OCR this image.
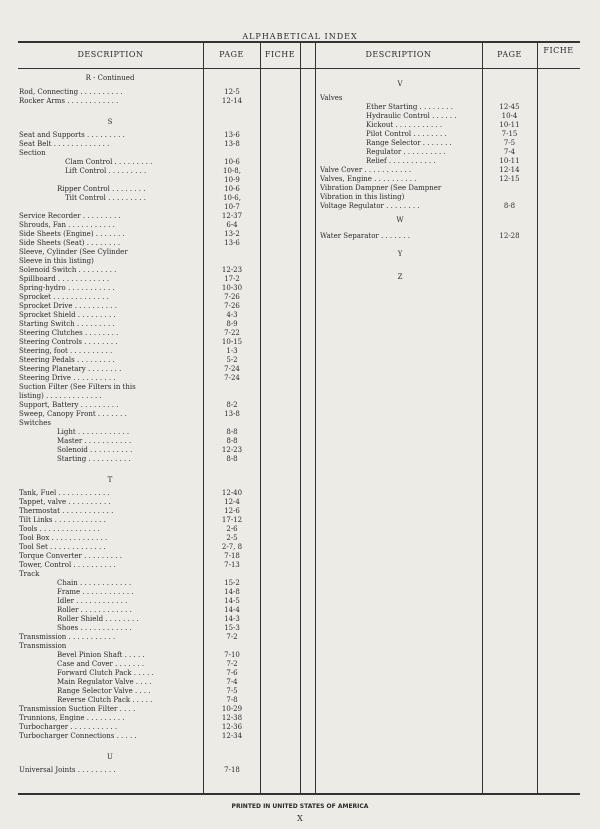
ALPHABETICAL INDEX
DESCRIPTION	PAGE	FICHE	DESCRIPTION	PAGE	FICHE
R - Continued
Rod, Connecting . . . . . . . . . .	12-5
Rocker Arms . . . . . . . . . . . .	12-14
S
Seat and Supports . . . . . . . . .	13-6
Seat Belt . . . . . . . . . . . . .	13-8
Section
Clam Control . . . . . . . . .	10-6
Lift Control . . . . . . . . .	10-8,
10-9
Ripper Control . . . . . . . .	10-6
Tilt Control . . . . . . . . .	10-6,
10-7
Service Recorder . . . . . . . . .	12-37
Shrouds, Fan . . . . . . . . . . .	6-4
Side Sheets (Engine) . . . . . . .	13-2
Side Sheets (Seat) . . . . . . . .	13-6
Sleeve, Cylinder (See Cylinder
Sleeve in this listing)
Solenoid Switch . . . . . . . . .	12-23
Spillboard . . . . . . . . . . . .	17-2
Spring-hydro . . . . . . . . . . .	10-30
Sprocket . . . . . . . . . . . . .	7-26
Sprocket Drive . . . . . . . . . .	7-26
Sprocket Shield . . . . . . . . .	4-3
Starting Switch . . . . . . . . .	8-9
Steering Clutches . . . . . . . .	7-22
Steering Controls . . . . . . . .	10-15
Steering, foot . . . . . . . . . .	1-3
Steering Pedals . . . . . . . . .	5-2
Steering Planetary . . . . . . . .	7-24
Steering Drive . . . . . . . . . .	7-24
Suction Filter (See Filters in this
listing) . . . . . . . . . . . . .
Support, Battery . . . . . . . . .	8-2
Sweep, Canopy Front . . . . . . .	13-8
Switches
Light . . . . . . . . . . . .	8-8
Master . . . . . . . . . . .	8-8
Solenoid . . . . . . . . . .	12-23
Starting . . . . . . . . . .	8-8
T
Tank, Fuel . . . . . . . . . . . .	12-40
Tappet, valve . . . . . . . . . .	12-4
Thermostat . . . . . . . . . . . .	12-6
Tilt Links . . . . . . . . . . . .	17-12
Tools . . . . . . . . . . . . . .	2-6
Tool Box . . . . . . . . . . . . .	2-5
Tool Set . . . . . . . . . . . . .	2-7, 8
Torque Converter . . . . . . . . .	7-18
Tower, Control . . . . . . . . . .	7-13
Track
Chain . . . . . . . . . . . .	15-2
Frame . . . . . . . . . . . .	14-8
Idler . . . . . . . . . . . .	14-5
Roller . . . . . . . . . . . .	14-4
Roller Shield . . . . . . . .	14-3
Shoes . . . . . . . . . . . .	15-3
Transmission . . . . . . . . . . .	7-2
Transmission
Bevel Pinion Shaft . . . . .	7-10
Case and Cover . . . . . . .	7-2
Forward Clutch Pack . . . . .	7-6
Main Regulator Valve . . . .	7-4
Range Selector Valve . . . .	7-5
Reverse Clutch Pack . . . . .	7-8
Transmission Suction Filter . . . .	10-29
Trunnions, Engine . . . . . . . . .	12-38
Turbocharger . . . . . . . . . . .	12-36
Turbocharger Connections . . . . .	12-34
U
Universal Joints . . . . . . . . .	7-18
V
Valves
Ether Starting . . . . . . . .	12-45
Hydraulic Control . . . . . .	10-4
Kickout . . . . . . . . . . .	10-11
Pilot Control . . . . . . . .	7-15
Range Selector . . . . . . .	7-5
Regulator . . . . . . . . . .	7-4
Relief . . . . . . . . . . .	10-11
Valve Cover . . . . . . . . . . .	12-14
Valves, Engine . . . . . . . . . .	12-15
Vibration Dampner (See Dampner
Vibration in this listing)
Voltage Regulator . . . . . . . .	8-8
W
Water Separator . . . . . . .	12-28
Y
Z
PRINTED IN UNITED STATES OF AMERICA
X
